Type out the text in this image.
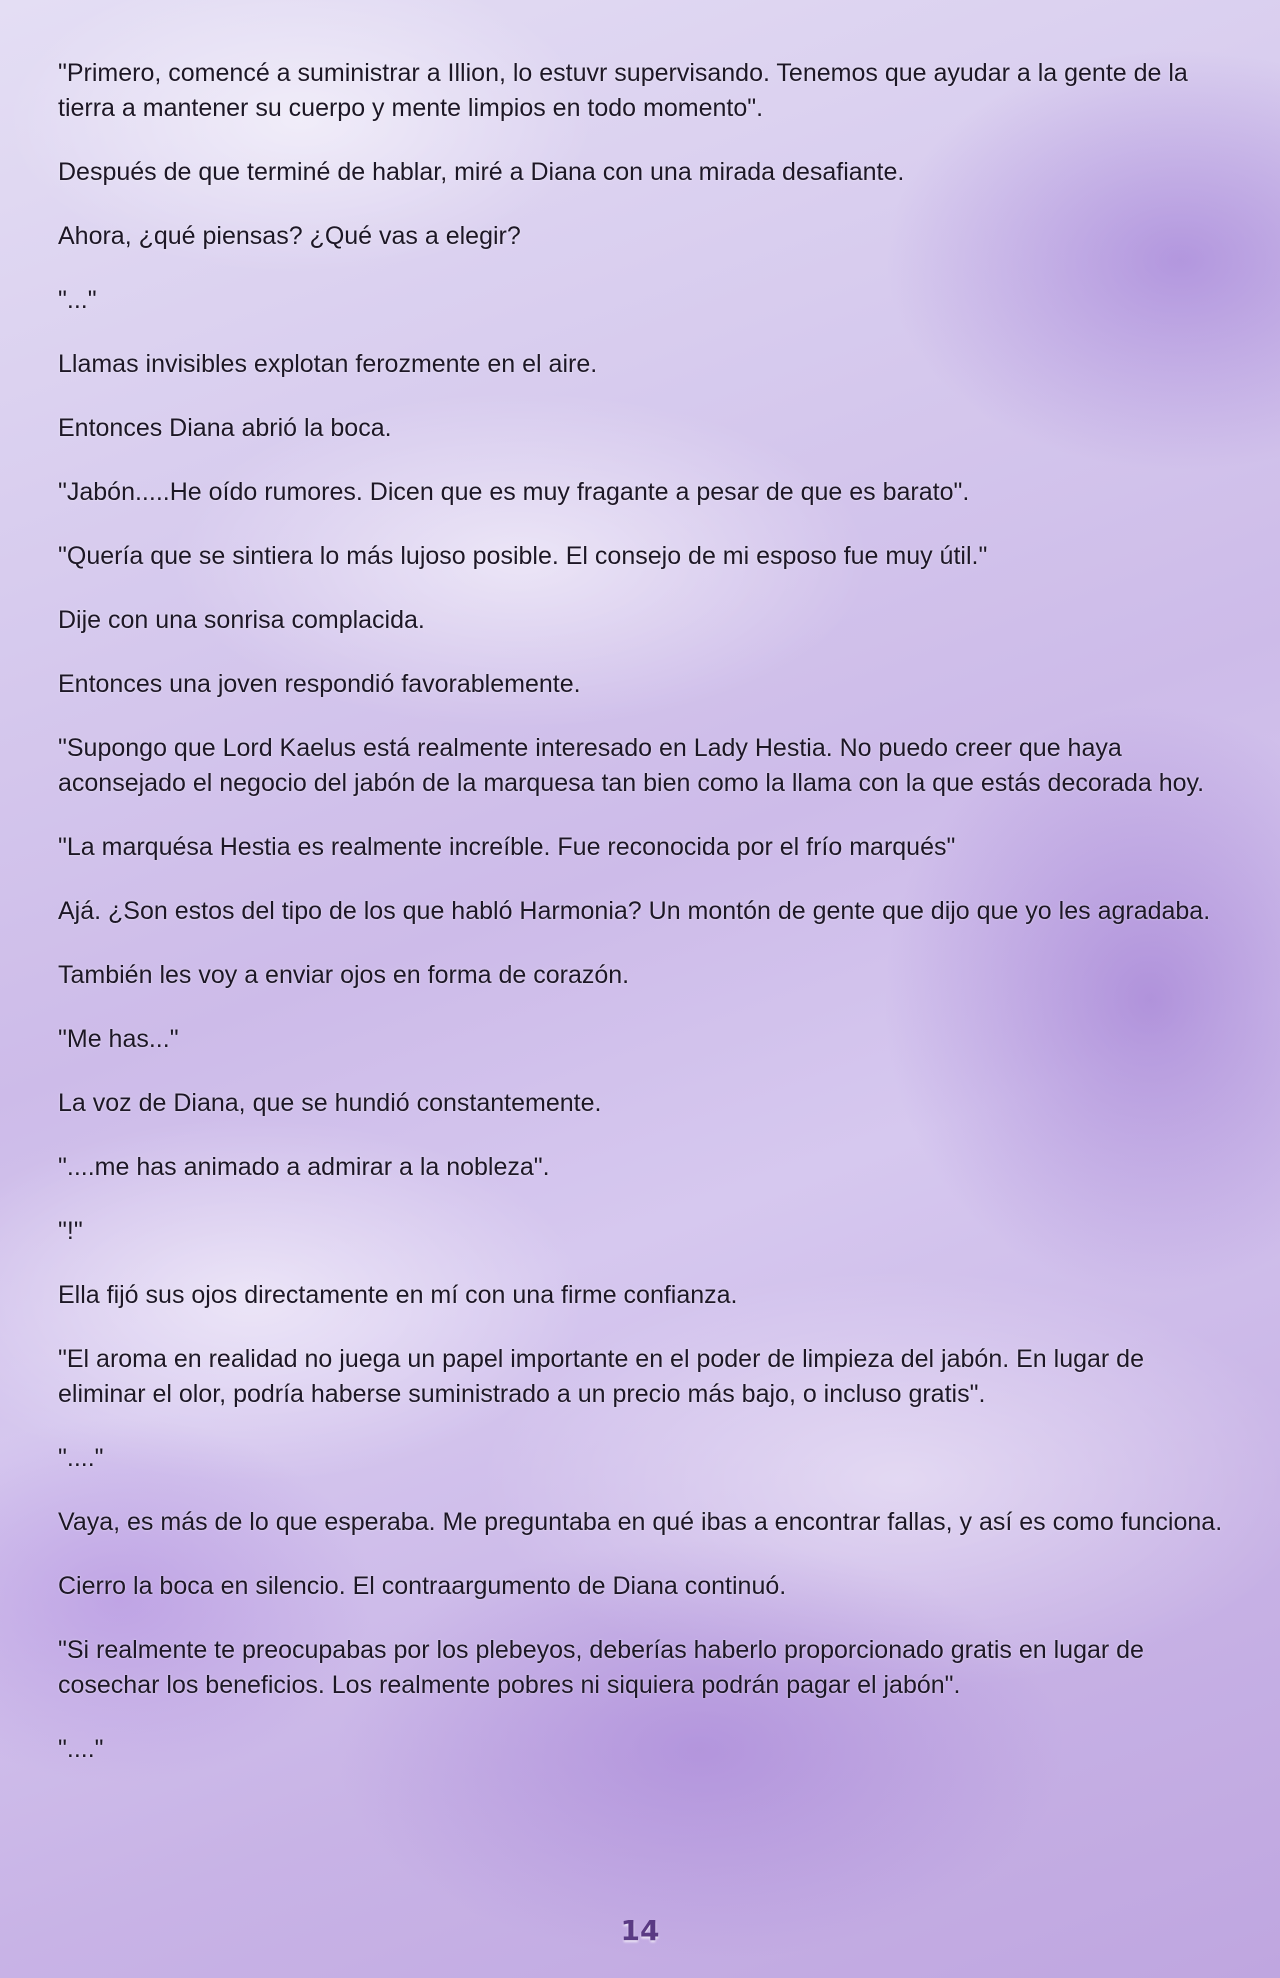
"Primero, comencé a suministrar a Illion, lo estuvr supervisando. Tenemos que ayudar a la gente de la tierra a mantener su cuerpo y mente limpios en todo momento".

Después de que terminé de hablar, miré a Diana con una mirada desafiante.

Ahora, ¿qué piensas? ¿Qué vas a elegir?

"..."

Llamas invisibles explotan ferozmente en el aire.

Entonces Diana abrió la boca.

"Jabón.....He oído rumores. Dicen que es muy fragante a pesar de que es barato".

"Quería que se sintiera lo más lujoso posible. El consejo de mi esposo fue muy útil."

Dije con una sonrisa complacida.

Entonces una joven respondió favorablemente.

"Supongo que Lord Kaelus está realmente interesado en Lady Hestia. No puedo creer que haya aconsejado el negocio del jabón de la marquesa tan bien como la llama con la que estás decorada hoy.

"La marquésa Hestia es realmente increíble. Fue reconocida por el frío marqués"

Ajá. ¿Son estos del tipo de los que habló Harmonia? Un montón de gente que dijo que yo les agradaba.

También les voy a enviar ojos en forma de corazón.

"Me has..."

La voz de Diana, que se hundió constantemente.

"....me has animado a admirar a la nobleza".

"!"

Ella fijó sus ojos directamente en mí con una firme confianza.

"El aroma en realidad no juega un papel importante en el poder de limpieza del jabón. En lugar de eliminar el olor, podría haberse suministrado a un precio más bajo, o incluso gratis".

"...."

Vaya, es más de lo que esperaba. Me preguntaba en qué ibas a encontrar fallas, y así es como funciona.

Cierro la boca en silencio. El contraargumento de Diana continuó.

"Si realmente te preocupabas por los plebeyos, deberías haberlo proporcionado gratis en lugar de cosechar los beneficios. Los realmente pobres ni siquiera podrán pagar el jabón".

"...."

14
